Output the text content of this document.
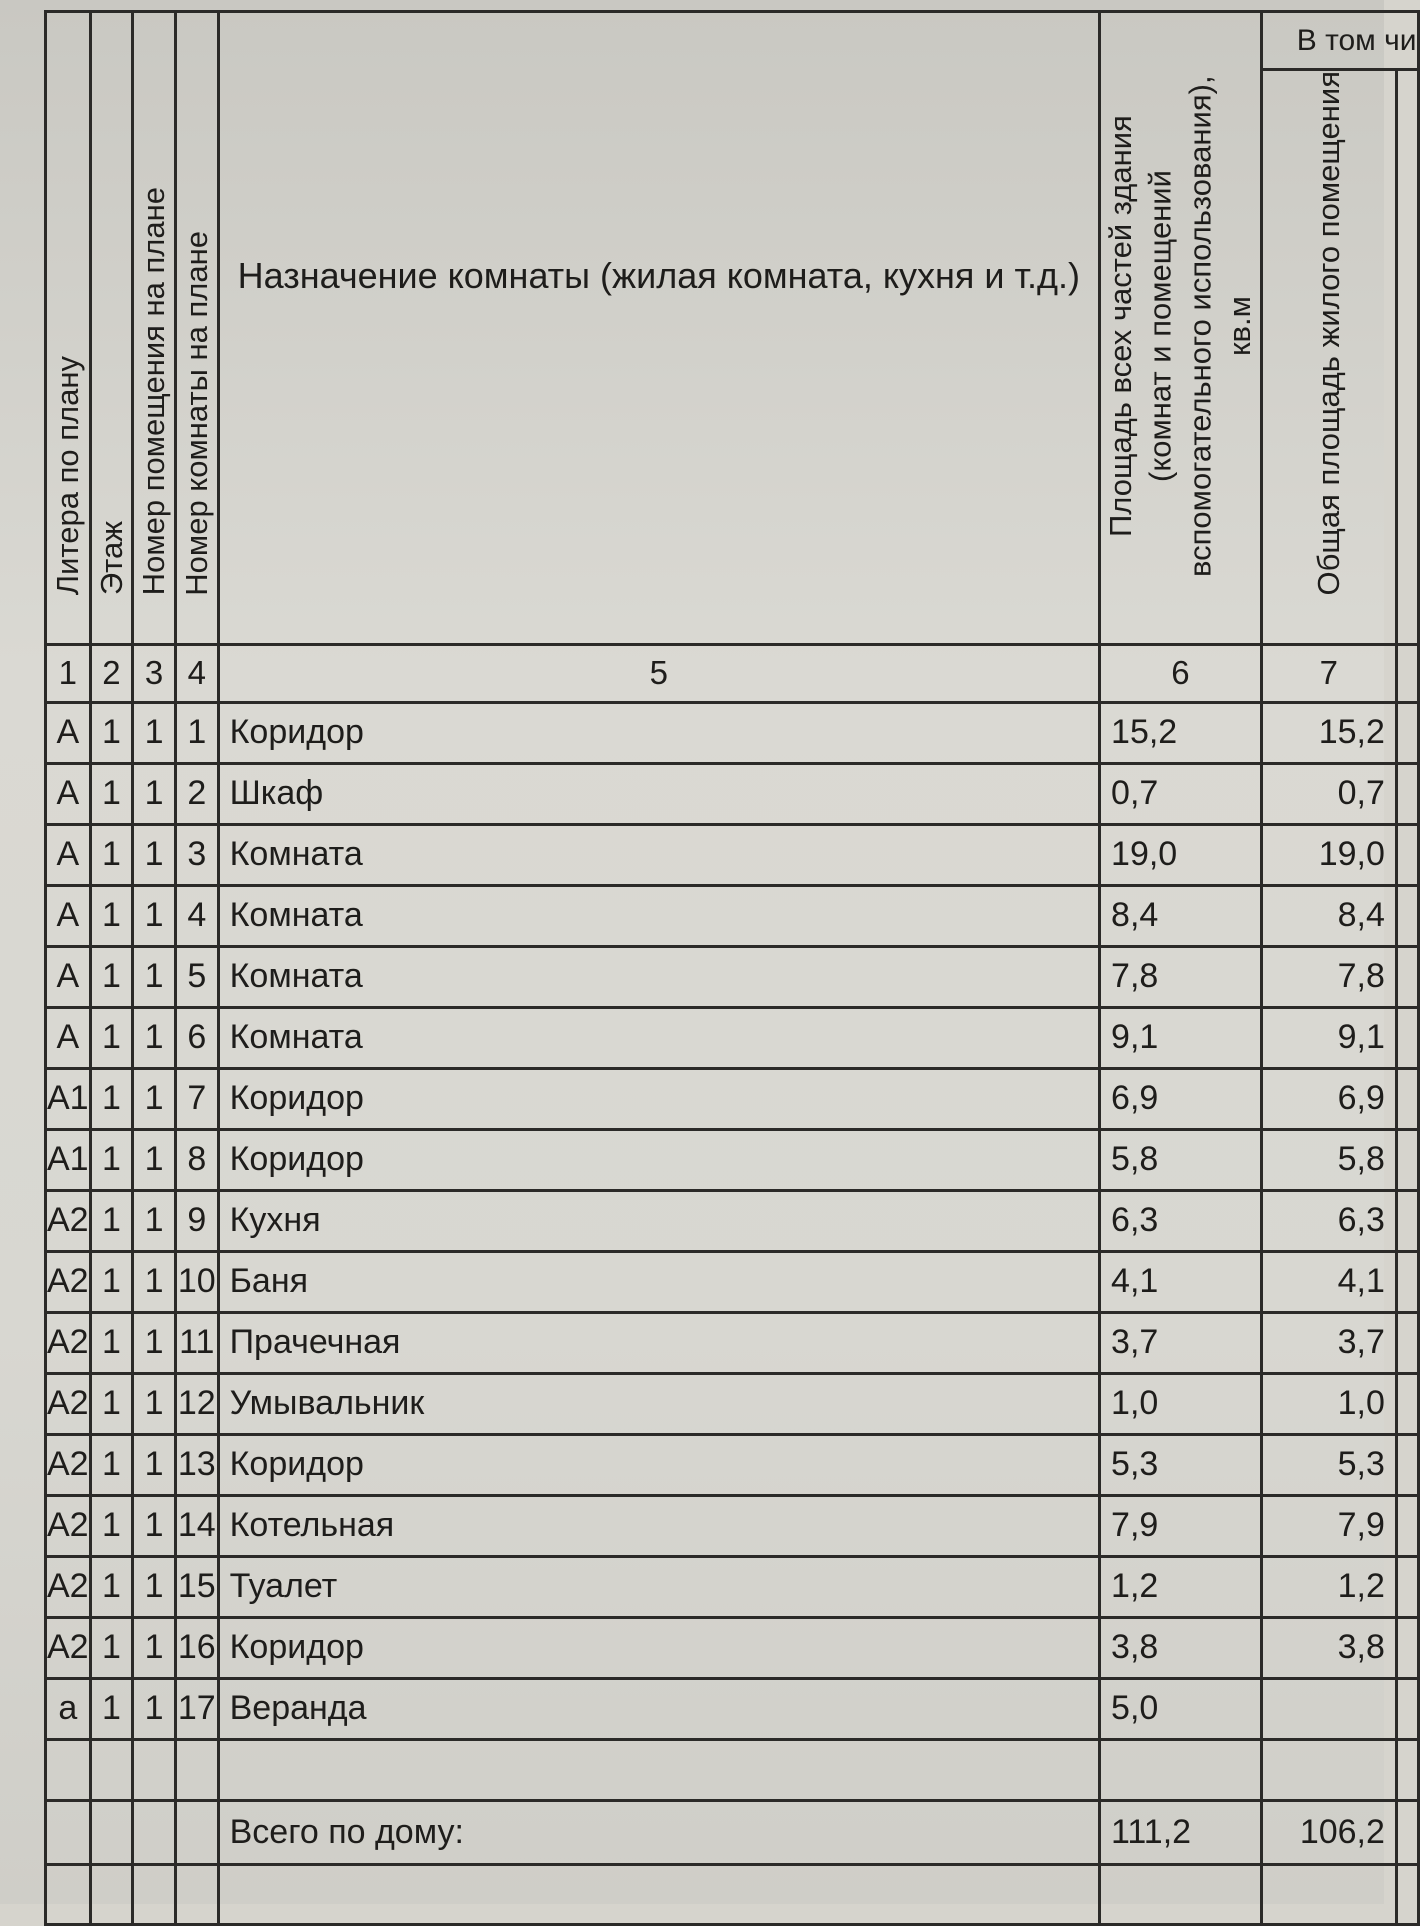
Литера по плану	Этаж	Номер помещения на плане	Номер комнаты на плане	Назначение комнаты (жилая комната, кухня и т.д.)	Площадь всех частей здания (комнат и помещений вспомогательного использования), кв.м	В том чи	
						Общая площадь жилого помещения	
1	2	3	4	5	6	7	
А	1	1	1	Коридор	15,2	15,2	
А	1	1	2	Шкаф	0,7	0,7	
А	1	1	3	Комната	19,0	19,0	
А	1	1	4	Комната	8,4	8,4	
А	1	1	5	Комната	7,8	7,8	
А	1	1	6	Комната	9,1	9,1	
А1	1	1	7	Коридор	6,9	6,9	
А1	1	1	8	Коридор	5,8	5,8	
А2	1	1	9	Кухня	6,3	6,3	
А2	1	1	10	Баня	4,1	4,1	
А2	1	1	11	Прачечная	3,7	3,7	
А2	1	1	12	Умывальник	1,0	1,0	
А2	1	1	13	Коридор	5,3	5,3	
А2	1	1	14	Котельная	7,9	7,9	
А2	1	1	15	Туалет	1,2	1,2	
А2	1	1	16	Коридор	3,8	3,8	
а	1	1	17	Веранда	5,0		

				Всего по дому:	111,2	106,2	
